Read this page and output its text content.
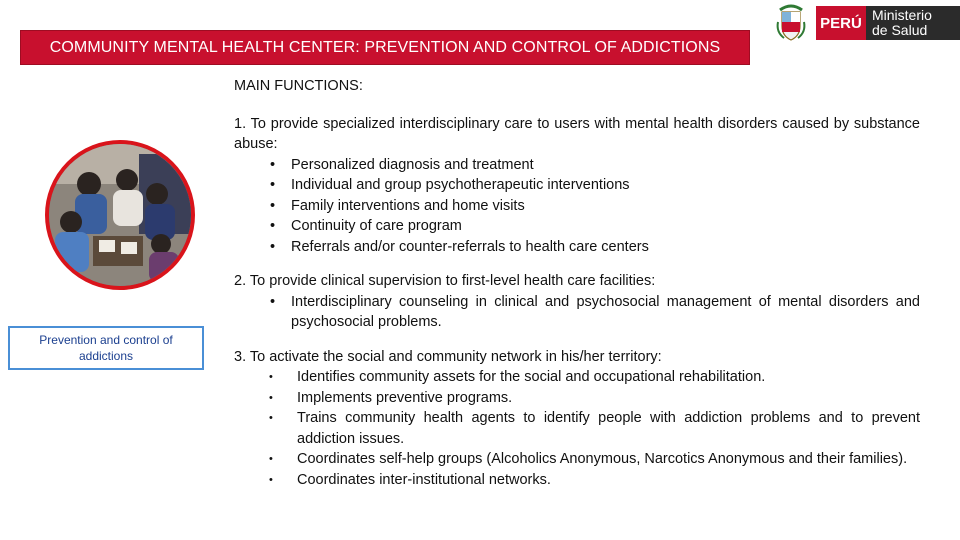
COMMUNITY MENTAL HEALTH CENTER: PREVENTION AND CONTROL OF ADDICTIONS
PERÚ Ministerio
de Salud
Prevention and control of addictions

MAIN FUNCTIONS:

1. To provide specialized interdisciplinary care to users with mental health disorders caused by substance abuse:

• Personalized diagnosis and treatment
• Individual and group psychotherapeutic interventions
• Family interventions and home visits
• Continuity of care program
• Referrals and/or counter-referrals to health care centers

2. To provide clinical supervision to first-level health care facilities:

• Interdisciplinary counseling in clinical and psychosocial management of mental disorders and psychosocial problems.

3. To activate the social and community network in his/her territory:

• Identifies community assets for the social and occupational rehabilitation.
• Implements preventive programs.
• Trains community health agents to identify people with addiction problems and to prevent addiction issues.
• Coordinates self-help groups (Alcoholics Anonymous, Narcotics Anonymous and their families).
• Coordinates inter-institutional networks.
